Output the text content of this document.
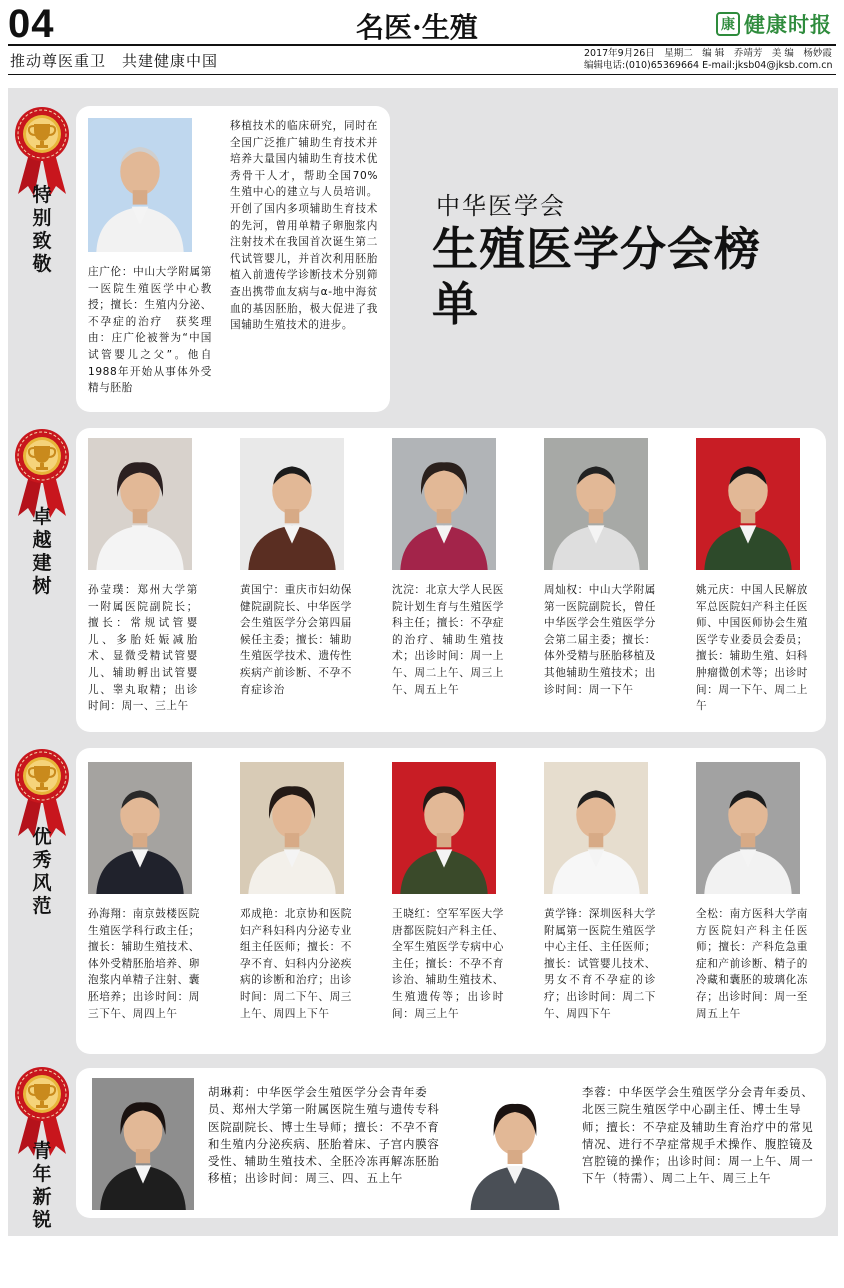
04	名医·生殖	康 健康时报
推动尊医重卫　共建健康中国	2017年9月26日　星期二　编 辑　乔靖芳　美 编　杨妙霞
编辑电话:(010)65369664 E-mail:jksb04@jksb.com.cn
特别致敬	庄广伦：中山大学附属第一医院生殖医学中心教授；擅长：生殖内分泌、不孕症的治疗　获奖理由：庄广伦被誉为“中国试管婴儿之父”。他自1988年开始从事体外受精与胚胎
移植技术的临床研究，同时在全国广泛推广辅助生育技术并培养大量国内辅助生育技术优秀骨干人才，帮助全国70%生殖中心的建立与人员培训。开创了国内多项辅助生育技术的先河，曾用单精子卵胞浆内注射技术在我国首次诞生第二代试管婴儿，并首次利用胚胎植入前遗传学诊断技术分别筛查出携带血友病与α-地中海贫血的基因胚胎，极大促进了我国辅助生殖技术的进步。
中华医学会
生殖医学分会榜单
卓越建树	孙莹璞：郑州大学第一附属医院副院长；擅长：常规试管婴儿、多胎妊娠减胎术、显微受精试管婴儿、辅助孵出试管婴儿、睾丸取精；出诊时间：周一、三上午
黄国宁：重庆市妇幼保健院副院长、中华医学会生殖医学分会第四届候任主委；擅长：辅助生殖医学技术、遗传性疾病产前诊断、不孕不育症诊治
沈浣：北京大学人民医院计划生育与生殖医学科主任；擅长：不孕症的治疗、辅助生殖技术；出诊时间：周一上午、周二上午、周三上午、周五上午
周灿权：中山大学附属第一医院副院长，曾任中华医学会生殖医学分会第二届主委；擅长：体外受精与胚胎移植及其他辅助生殖技术；出诊时间：周一下午
姚元庆：中国人民解放军总医院妇产科主任医师、中国医师协会生殖医学专业委员会委员；擅长：辅助生殖、妇科肿瘤微创术等；出诊时间：周一下午、周二上午
优秀风范	孙海翔：南京鼓楼医院生殖医学科行政主任；擅长：辅助生殖技术、体外受精胚胎培养、卵泡浆内单精子注射、囊胚培养；出诊时间：周三下午、周四上午
邓成艳：北京协和医院妇产科妇科内分泌专业组主任医师；擅长：不孕不育、妇科内分泌疾病的诊断和治疗；出诊时间：周二下午、周三上午、周四上下午
王晓红：空军军医大学唐都医院妇产科主任、全军生殖医学专病中心主任；擅长：不孕不育诊治、辅助生殖技术、生殖遗传等；出诊时间：周三上午
黄学锋：深圳医科大学附属第一医院生殖医学中心主任、主任医师；擅长：试管婴儿技术、男女不育不孕症的诊疗；出诊时间：周二下午、周四下午
全松：南方医科大学南方医院妇产科主任医师；擅长：产科危急重症和产前诊断、精子的冷藏和囊胚的玻璃化冻存；出诊时间：周一至周五上午
青年新锐
胡琳莉：中华医学会生殖医学分会青年委员、郑州大学第一附属医院生殖与遗传专科医院副院长、博士生导师；擅长：不孕不育和生殖内分泌疾病、胚胎着床、子宫内膜容受性、辅助生殖技术、全胚冷冻再解冻胚胎移植；出诊时间：周三、四、五上午
李蓉：中华医学会生殖医学分会青年委员、北医三院生殖医学中心副主任、博士生导师；擅长：不孕症及辅助生育治疗中的常见情况、进行不孕症常规手术操作、腹腔镜及宫腔镜的操作；出诊时间：周一上午、周一下午（特需）、周二上午、周三上午
